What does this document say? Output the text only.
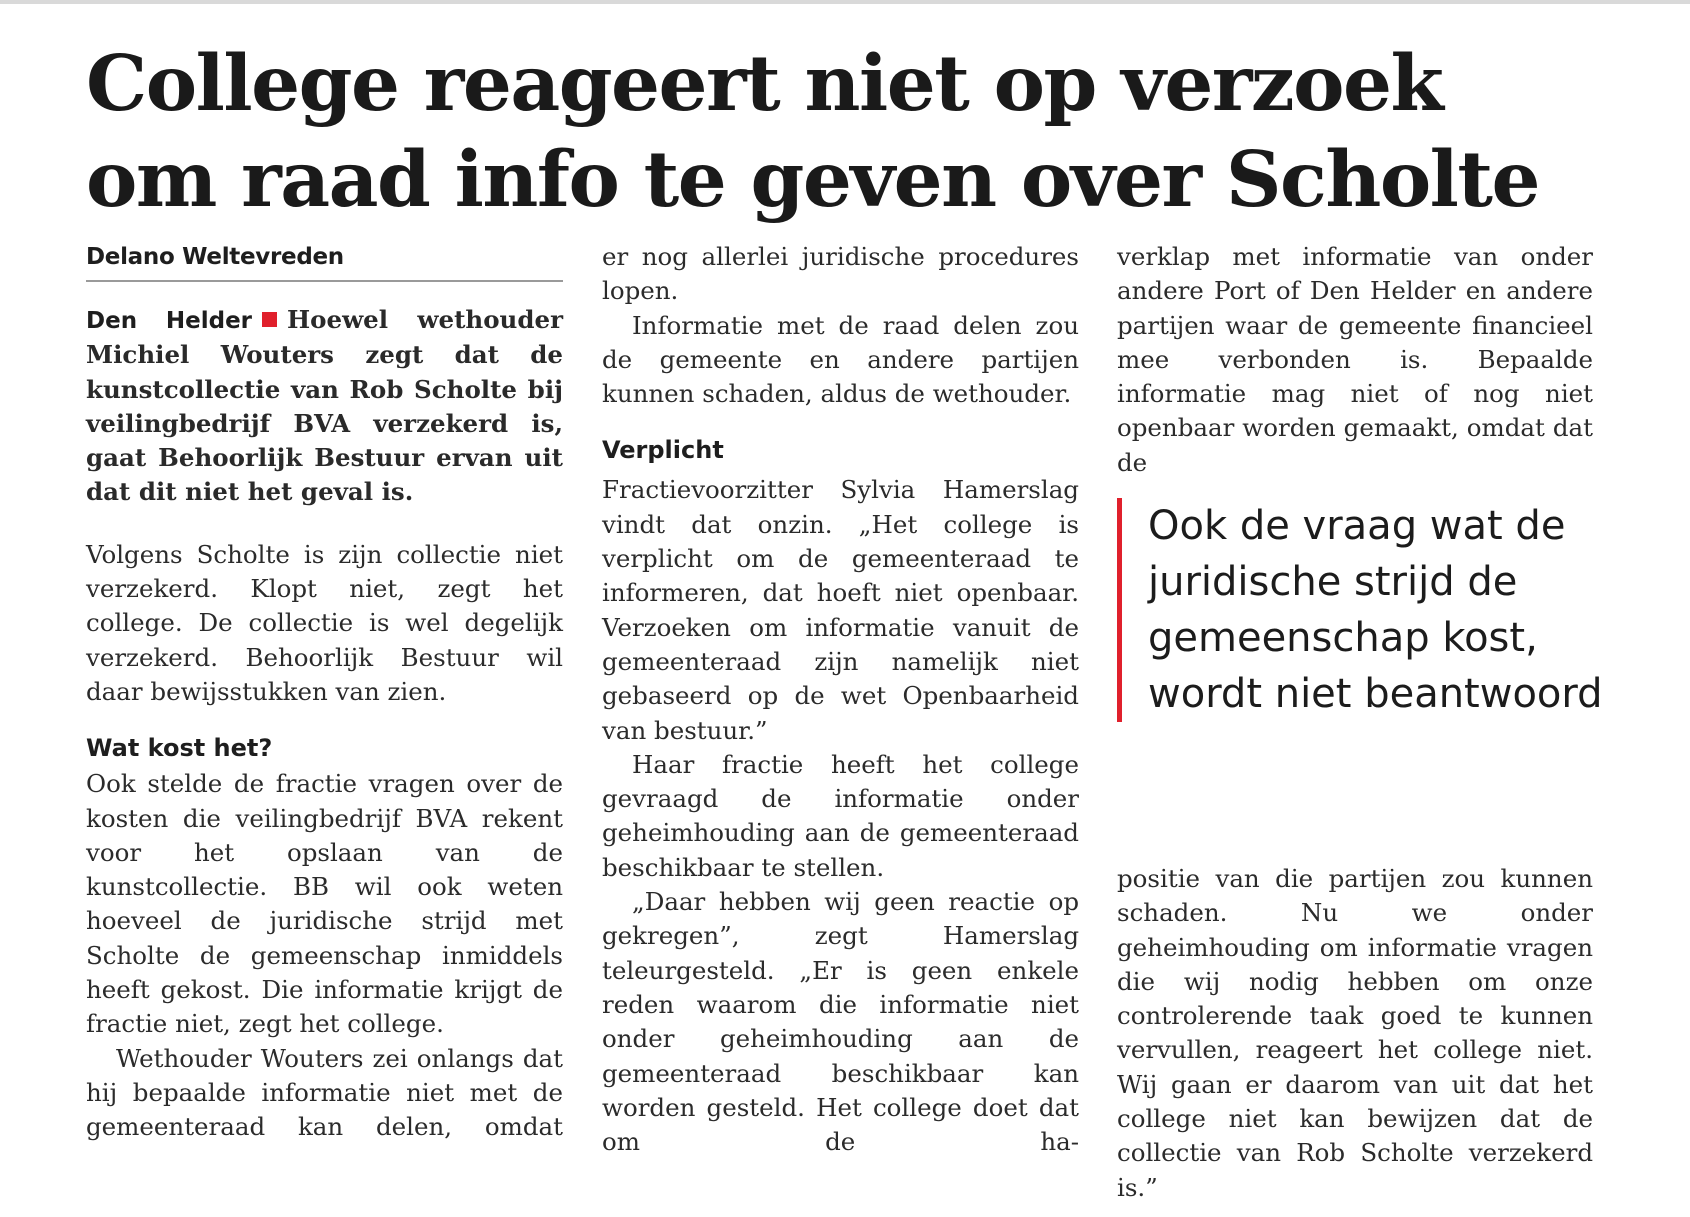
College reageert niet op verzoek
om raad info te geven over Scholte
Delano Weltevreden

Den Helder Hoewel wethouder Michiel Wouters zegt dat de kunstcollectie van Rob Scholte bij veilingbedrijf BVA verzekerd is, gaat Behoorlijk Bestuur ervan uit dat dit niet het geval is.

Volgens Scholte is zijn collectie niet verzekerd. Klopt niet, zegt het college. De collectie is wel degelijk verzekerd. Behoorlijk Bestuur wil daar bewijsstukken van zien.

Wat kost het?

Ook stelde de fractie vragen over de kosten die veilingbedrijf BVA rekent voor het opslaan van de kunstcollectie. BB wil ook weten hoeveel de juridische strijd met Scholte de gemeenschap inmiddels heeft gekost. Die informatie krijgt de fractie niet, zegt het college.

Wethouder Wouters zei onlangs dat hij bepaalde informatie niet met de gemeenteraad kan delen, omdat

er nog allerlei juridische procedures lopen.

Informatie met de raad delen zou de gemeente en andere partijen kunnen schaden, aldus de wethouder.

Verplicht

Fractievoorzitter Sylvia Hamerslag vindt dat onzin. „Het college is verplicht om de gemeenteraad te informeren, dat hoeft niet openbaar. Verzoeken om informatie vanuit de gemeenteraad zijn namelijk niet gebaseerd op de wet Openbaarheid van bestuur.”

Haar fractie heeft het college gevraagd de informatie onder geheimhouding aan de gemeenteraad beschikbaar te stellen.

„Daar hebben wij geen reactie op gekregen”, zegt Hamerslag teleurgesteld. „Er is geen enkele reden waarom die informatie niet onder geheimhouding aan de gemeenteraad beschikbaar kan worden gesteld. Het college doet dat om de ha-

verklap met informatie van onder andere Port of Den Helder en andere partijen waar de gemeente financieel mee verbonden is. Bepaalde informatie mag niet of nog niet openbaar worden gemaakt, omdat dat de

Ook de vraag wat de juridische strijd de gemeenschap kost, wordt niet beantwoord

positie van die partijen zou kunnen schaden. Nu we onder geheimhouding om informatie vragen die wij nodig hebben om onze controlerende taak goed te kunnen vervullen, reageert het college niet. Wij gaan er daarom van uit dat het college niet kan bewijzen dat de collectie van Rob Scholte verzekerd is.”
